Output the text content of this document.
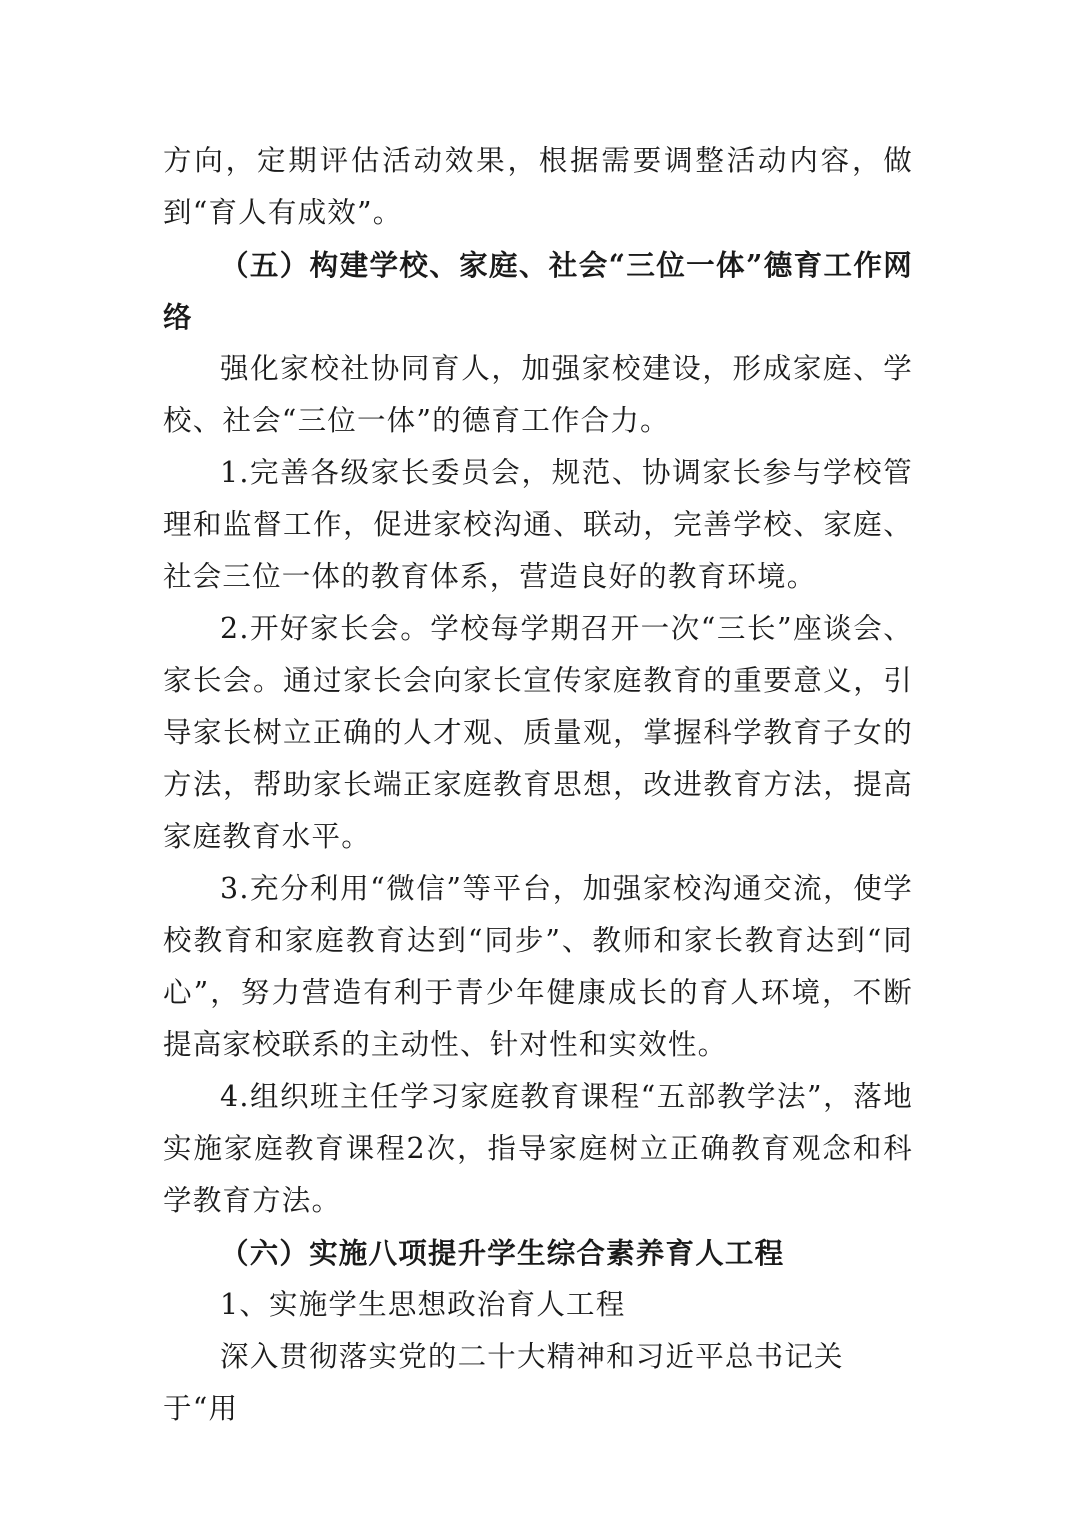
方向，定期评估活动效果，根据需要调整活动内容，做到“育人有成效”。

（五）构建学校、家庭、社会“三位一体”德育工作网络

强化家校社协同育人，加强家校建设，形成家庭、学校、社会“三位一体”的德育工作合力。

1.完善各级家长委员会，规范、协调家长参与学校管理和监督工作，促进家校沟通、联动，完善学校、家庭、社会三位一体的教育体系，营造良好的教育环境。

2.开好家长会。学校每学期召开一次“三长”座谈会、家长会。通过家长会向家长宣传家庭教育的重要意义，引导家长树立正确的人才观、质量观，掌握科学教育子女的方法，帮助家长端正家庭教育思想，改进教育方法，提高家庭教育水平。

3.充分利用“微信”等平台，加强家校沟通交流，使学校教育和家庭教育达到“同步”、教师和家长教育达到“同心”，努力营造有利于青少年健康成长的育人环境，不断提高家校联系的主动性、针对性和实效性。

4.组织班主任学习家庭教育课程“五部教学法”，落地实施家庭教育课程2次，指导家庭树立正确教育观念和科学教育方法。

（六）实施八项提升学生综合素养育人工程

1、实施学生思想政治育人工程

深入贯彻落实党的二十大精神和习近平总书记关于“用
